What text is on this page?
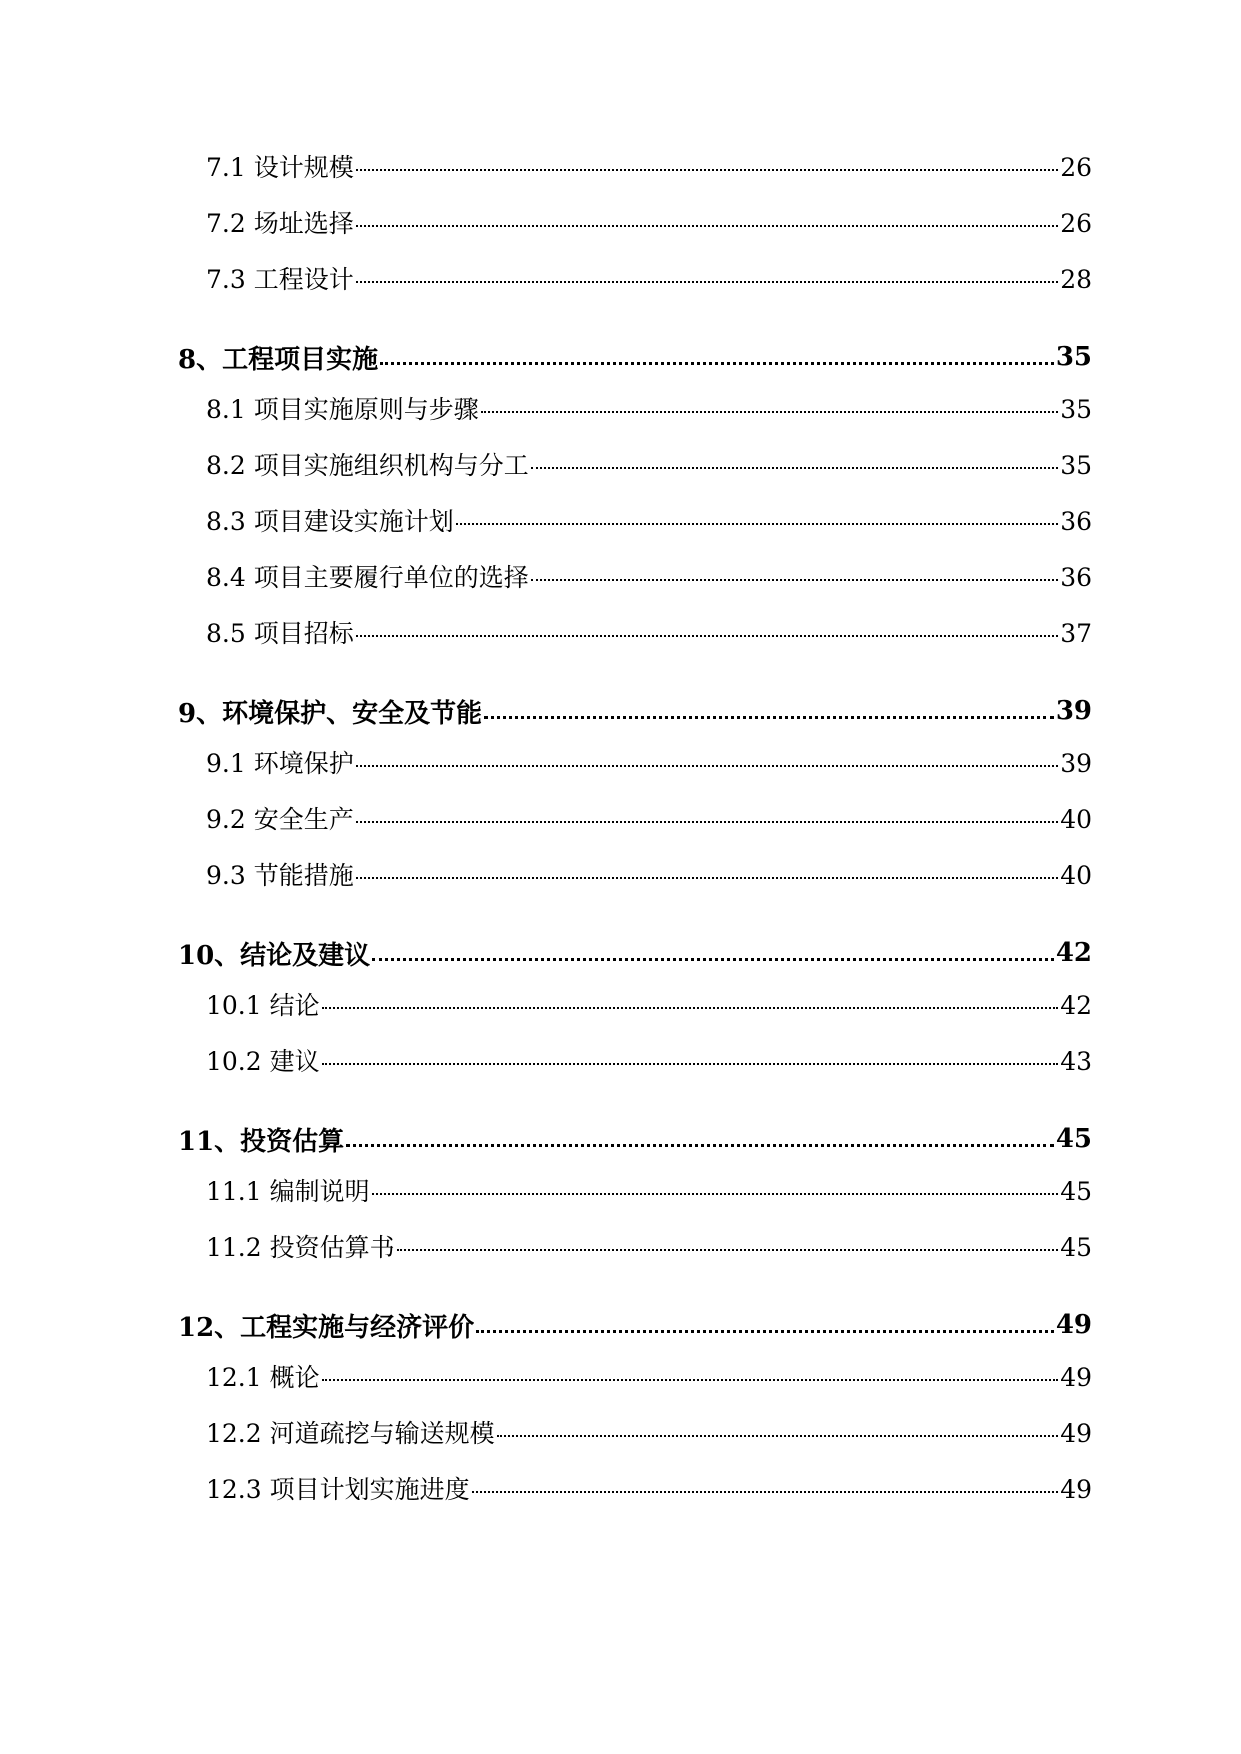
7.1 设计规模	26
7.2 场址选择	26
7.3 工程设计	28
8、工程项目实施	35
8.1 项目实施原则与步骤	35
8.2 项目实施组织机构与分工	35
8.3 项目建设实施计划	36
8.4 项目主要履行单位的选择	36
8.5 项目招标	37
9、环境保护、安全及节能	39
9.1 环境保护	39
9.2 安全生产	40
9.3 节能措施	40
10、结论及建议	42
10.1 结论	42
10.2 建议	43
11、投资估算	45
11.1 编制说明	45
11.2 投资估算书	45
12、工程实施与经济评价	49
12.1 概论	49
12.2 河道疏挖与输送规模	49
12.3 项目计划实施进度	49
